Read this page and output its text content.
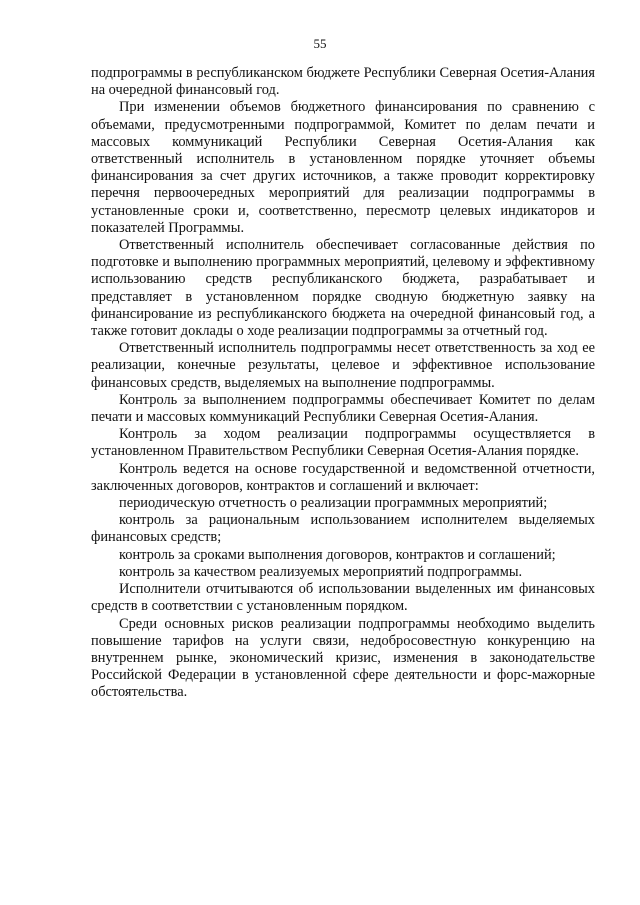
55

подпрограммы в республиканском бюджете Республики Северная Осетия-Алания на очередной финансовый год.

При изменении объемов бюджетного финансирования по сравнению с объемами, предусмотренными подпрограммой, Комитет по делам печати и массовых коммуникаций Республики Северная Осетия-Алания как ответственный исполнитель в установленном порядке уточняет объемы финансирования за счет других источников, а также проводит корректировку перечня первоочередных мероприятий для реализации подпрограммы в установленные сроки и, соответственно, пересмотр целевых индикаторов и показателей Программы.

Ответственный исполнитель обеспечивает согласованные действия по подготовке и выполнению программных мероприятий, целевому и эффективному использованию средств республиканского бюджета, разрабатывает и представляет в установленном порядке сводную бюджетную заявку на финансирование из республиканского бюджета на очередной финансовый год, а также готовит доклады о ходе реализации подпрограммы за отчетный год.

Ответственный исполнитель подпрограммы несет ответственность за ход ее реализации, конечные результаты, целевое и эффективное использование финансовых средств, выделяемых на выполнение подпрограммы.

Контроль за выполнением подпрограммы обеспечивает Комитет по делам печати и массовых коммуникаций Республики Северная Осетия-Алания.

Контроль за ходом реализации подпрограммы осуществляется в установленном Правительством Республики Северная Осетия-Алания порядке.

Контроль ведется на основе государственной и ведомственной отчетности, заключенных договоров, контрактов и соглашений и включает:

периодическую отчетность о реализации программных мероприятий;

контроль за рациональным использованием исполнителем выделяемых финансовых средств;

контроль за сроками выполнения договоров, контрактов и соглашений;

контроль за качеством реализуемых мероприятий подпрограммы.

Исполнители отчитываются об использовании выделенных им финансовых средств в соответствии с установленным порядком.

Среди основных рисков реализации подпрограммы необходимо выделить повышение тарифов на услуги связи, недобросовестную конкуренцию на внутреннем рынке, экономический кризис, изменения в законодательстве Российской Федерации в установленной сфере деятельности и форс-мажорные обстоятельства.
